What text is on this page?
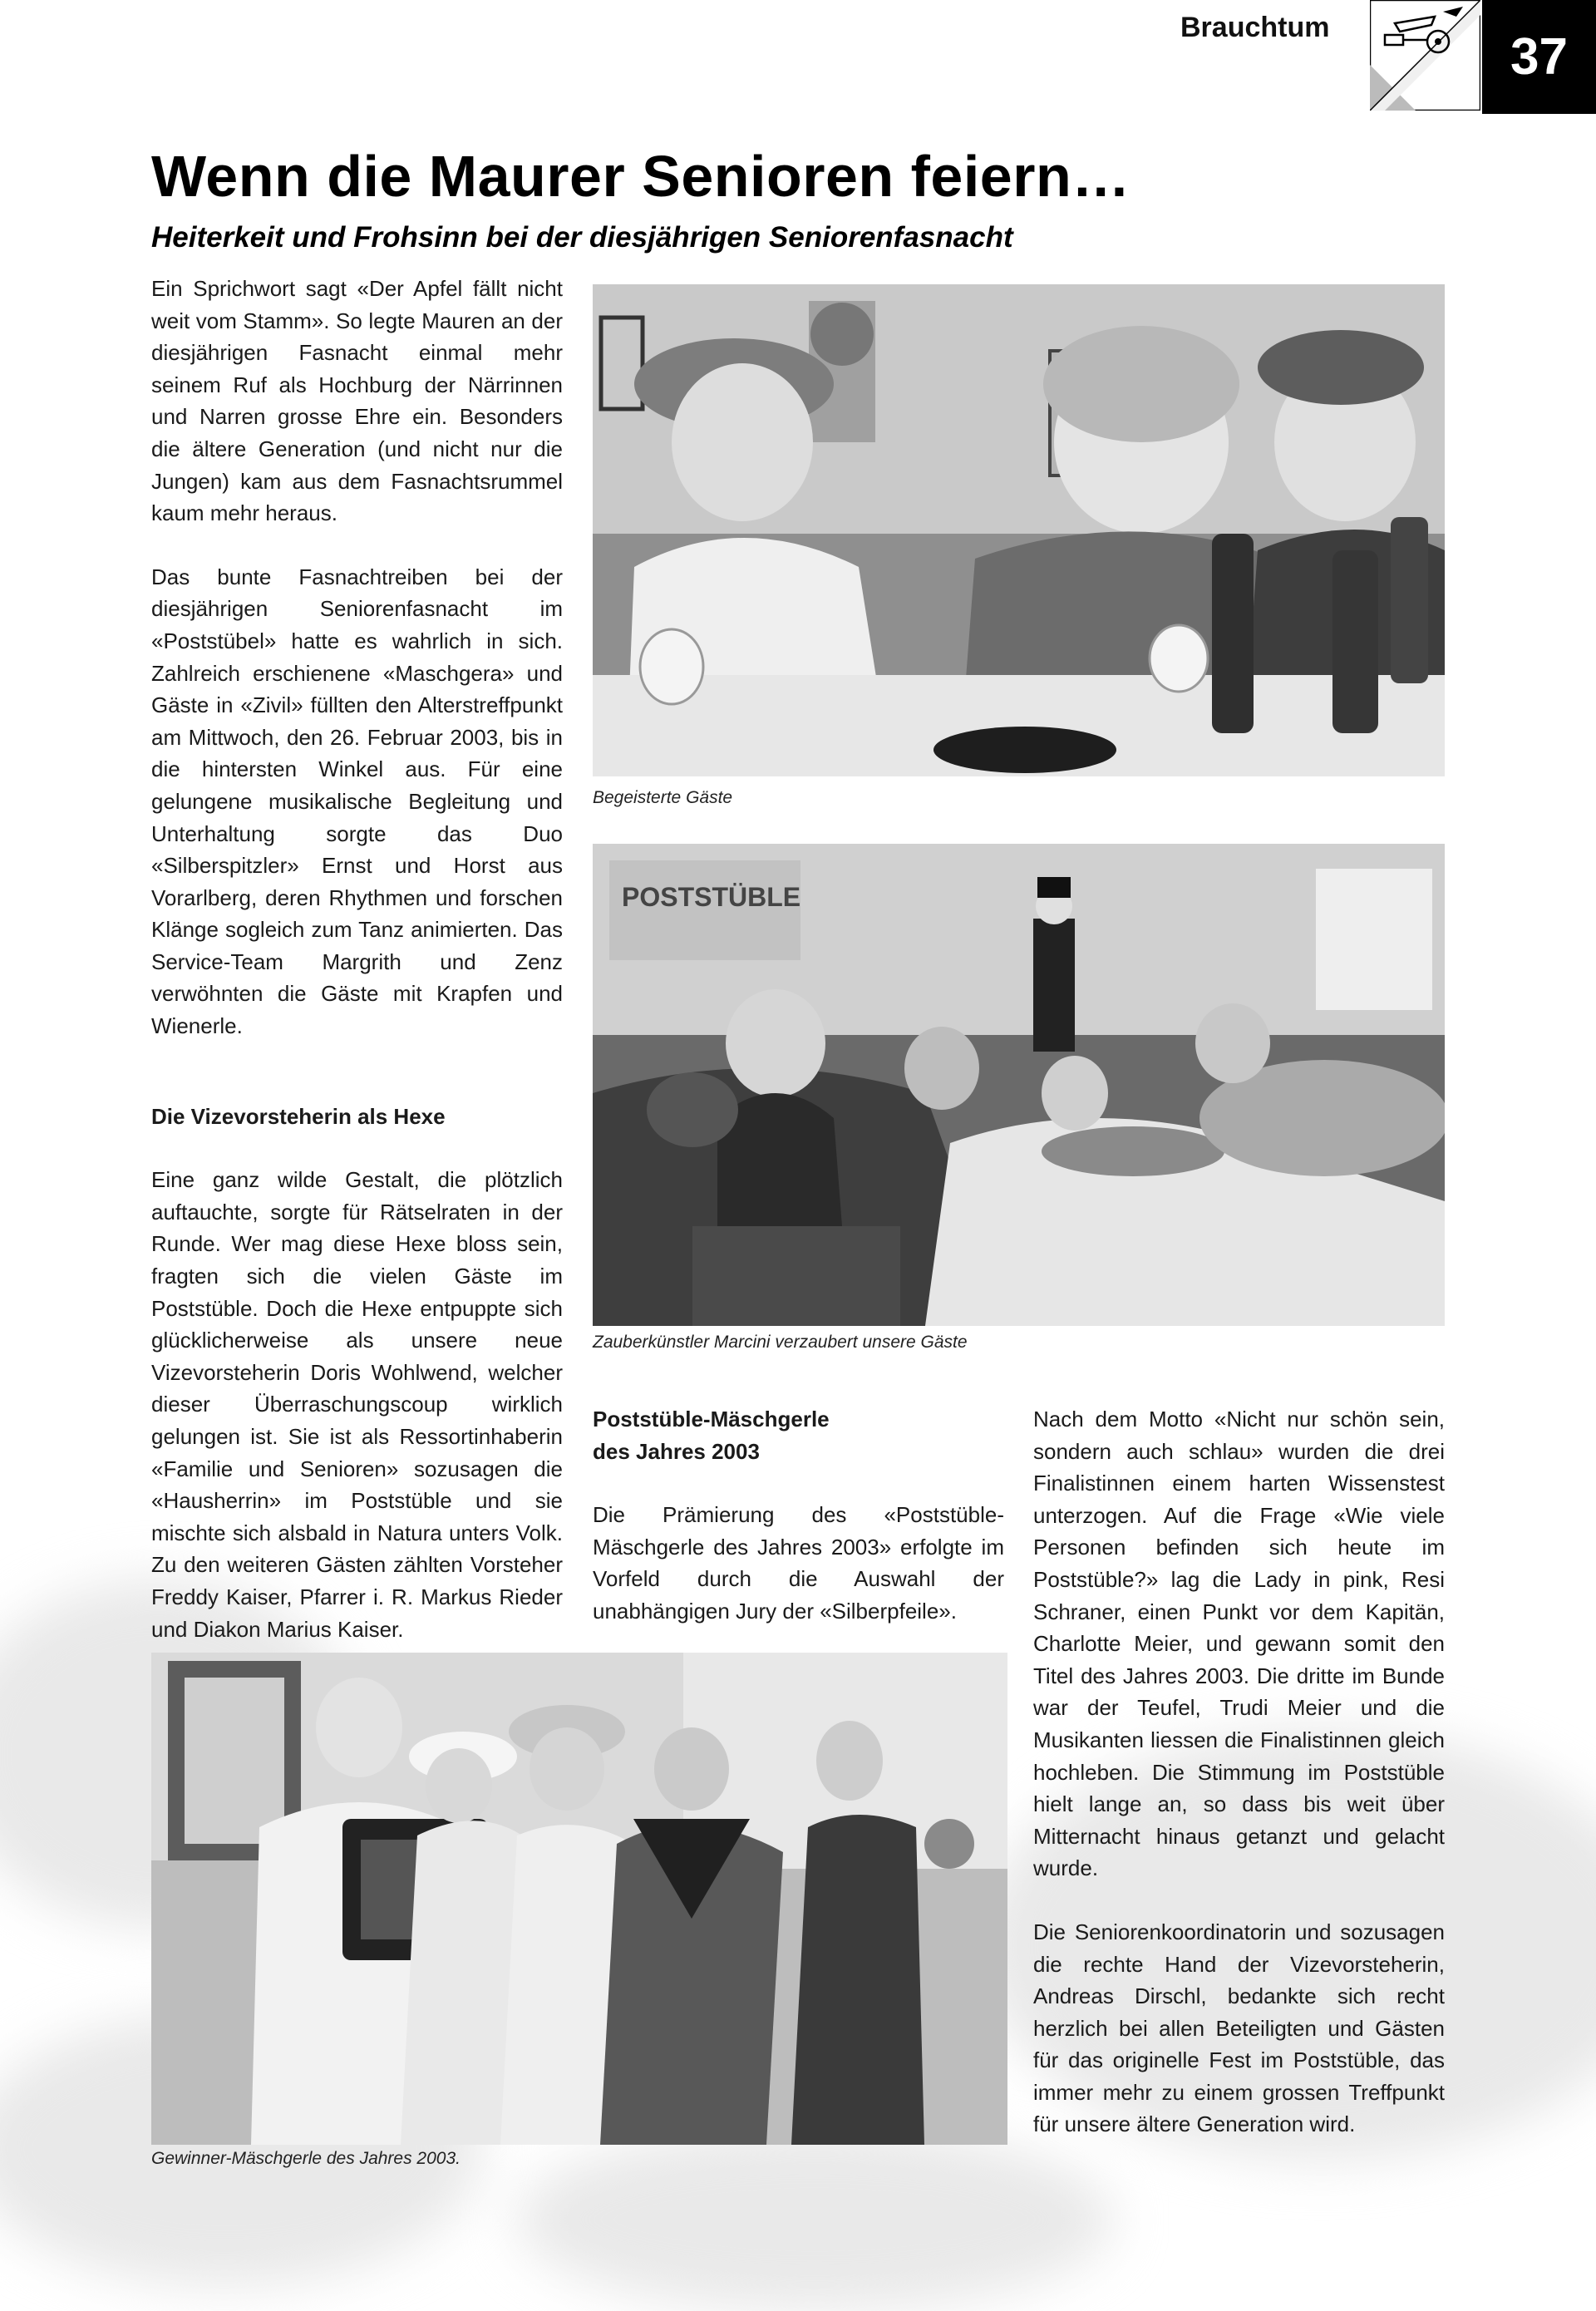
Brauchtum
37
Wenn die Maurer Senioren feiern…
Heiterkeit und Frohsinn bei der diesjährigen Seniorenfasnacht

Ein Sprichwort sagt «Der Apfel fällt nicht weit vom Stamm». So legte Mauren an der diesjährigen Fasnacht einmal mehr seinem Ruf als Hochburg der Närrinnen und Narren grosse Ehre ein. Besonders die ältere Generation (und nicht nur die Jungen) kam aus dem Fasnachtsrummel kaum mehr heraus.

Das bunte Fasnachtreiben bei der diesjährigen Seniorenfasnacht im «Poststübel» hatte es wahrlich in sich. Zahlreich erschienene «Maschgera» und Gäste in «Zivil» füllten den Alterstreffpunkt am Mittwoch, den 26. Februar 2003, bis in die hintersten Winkel aus. Für eine gelungene musikalische Begleitung und Unterhaltung sorgte das Duo «Silberspitzler» Ernst und Horst aus Vorarlberg, deren Rhythmen und forschen Klänge sogleich zum Tanz animierten. Das Service-Team Margrith und Zenz verwöhnten die Gäste mit Krapfen und Wienerle.

Die Vizevorsteherin als Hexe

Eine ganz wilde Gestalt, die plötzlich auftauchte, sorgte für Rätselraten in der Runde. Wer mag diese Hexe bloss sein, fragten sich die vielen Gäste im Poststüble. Doch die Hexe entpuppte sich glücklicherweise als unsere neue Vizevorsteherin Doris Wohlwend, welcher dieser Überraschungscoup wirklich gelungen ist. Sie ist als Ressortinhaberin «Familie und Senioren» sozusagen die «Hausherrin» im Poststüble und sie mischte sich alsbald in Natura unters Volk. Zu den weiteren Gästen zählten Vorsteher Freddy Kaiser, Pfarrer i. R. Markus Rieder und Diakon Marius Kaiser.

Poststüble-Mäschgerle
des Jahres 2003

Die Prämierung des «Poststüble-Mäschgerle des Jahres 2003» erfolgte im Vorfeld durch die Auswahl der unabhängigen Jury der «Silberpfeile».

Nach dem Motto «Nicht nur schön sein, sondern auch schlau» wurden die drei Finalistinnen einem harten Wissenstest unterzogen. Auf die Frage «Wie viele Personen befinden sich heute im Poststüble?» lag die Lady in pink, Resi Schraner, einen Punkt vor dem Kapitän, Charlotte Meier, und gewann somit den Titel des Jahres 2003. Die dritte im Bunde war der Teufel, Trudi Meier und die Musikanten liessen die Finalistinnen gleich hochleben. Die Stimmung im Poststüble hielt lange an, so dass bis weit über Mitternacht hinaus getanzt und gelacht wurde.

Die Seniorenkoordinatorin und sozusagen die rechte Hand der Vizevorsteherin, Andreas Dirschl, bedankte sich recht herzlich bei allen Beteiligten und Gästen für das originelle Fest im Poststüble, das immer mehr zu einem grossen Treffpunkt für unsere ältere Generation wird.

Begeisterte Gäste
POSTSTÜBLE
Zauberkünstler Marcini verzaubert unsere Gäste
Gewinner-Mäschgerle des Jahres 2003.
